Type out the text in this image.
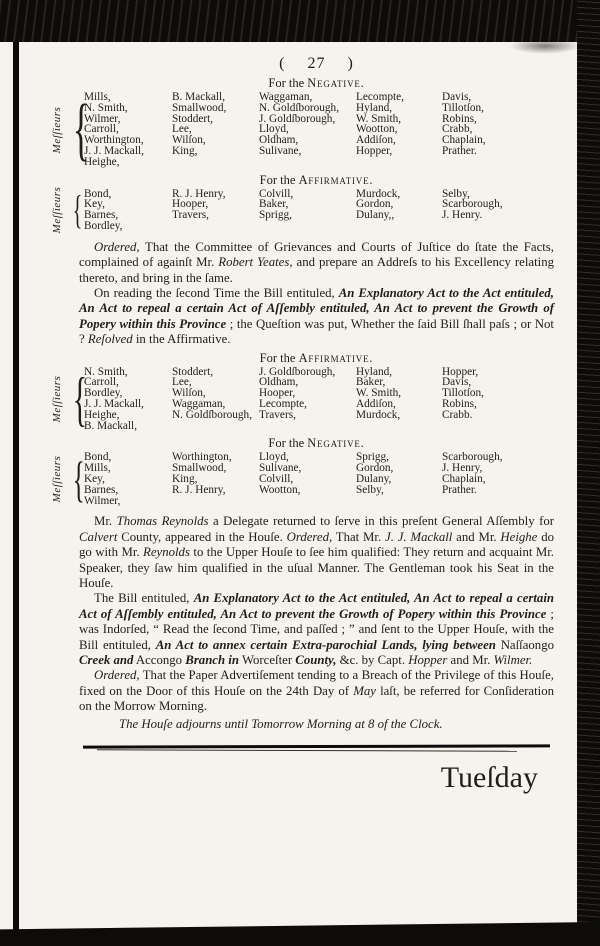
( 27 )
For the Negative.
Meſſieurs {
Mills,
N. Smith,
Wilmer,
Carroll,
Worthington,
J. J. Mackall,
Heighe,
B. Mackall,
Smallwood,
Stoddert,
Lee,
Wilſon,
King,
Waggaman,
N. Goldſborough,
J. Goldſborough,
Lloyd,
Oldham,
Sulivane,
Lecompte,
Hyland,
W. Smith,
Wootton,
Addiſon,
Hopper,
Davis,
Tillotſon,
Robins,
Crabb,
Chaplain,
Prather.
For the Affirmative.
Meſſieurs { Bond,
Key,
Barnes,
Bordley,
R. J. Henry,
Hooper,
Travers,
Colvill,
Baker,
Sprigg,
Murdock,
Gordon,
Dulany,,
Selby,
Scarborough,
J. Henry.

Ordered, That the Committee of Grievances and Courts of Juſtice do ſtate the Facts, complained of againſt Mr. Robert Yeates, and prepare an Addreſs to his Excellency relating thereto, and bring in the ſame.

On reading the ſecond Time the Bill entituled, An Explanatory Act to the Act entituled, An Act to repeal a certain Act of Aſſembly entituled, An Act to prevent the Growth of Popery within this Province ; the Queſtion was put, Whether the ſaid Bill ſhall paſs ; or Not ? Reſolved in the Affirmative.

For the Affirmative.
Meſſieurs {
N. Smith,
Carroll,
Bordley,
J. J. Mackall,
Heighe,
B. Mackall,
Stoddert,
Lee,
Wilſon,
Waggaman,
N. Goldſborough,
J. Goldſborough,
Oldham,
Hooper,
Lecompte,
Travers,
Hyland,
Baker,
W. Smith,
Addiſon,
Murdock,
Hopper,
Davis,
Tillotſon,
Robins,
Crabb.
For the Negative.
Meſſieurs { Bond,
Mills,
Key,
Barnes,
Wilmer,
Worthington,
Smallwood,
King,
R. J. Henry,
Lloyd,
Sulivane,
Colvill,
Wootton,
Sprigg,
Gordon,
Dulany,
Selby,
Scarborough,
J. Henry,
Chaplain,
Prather.

Mr. Thomas Reynolds a Delegate returned to ſerve in this preſent General Aſſembly for Calvert County, appeared in the Houſe. Ordered, That Mr. J. J. Mackall and Mr. Heighe do go with Mr. Reynolds to the Upper Houſe to ſee him qualified: They return and acquaint Mr. Speaker, they ſaw him qualified in the uſual Manner. The Gentleman took his Seat in the Houſe.

The Bill entituled, An Explanatory Act to the Act entituled, An Act to repeal a certain Act of Aſſembly entituled, An Act to prevent the Growth of Popery within this Province ; was Indorſed, “ Read the ſecond Time, and paſſed ; ” and ſent to the Upper Houſe, with the Bill entituled, An Act to annex certain Extra-parochial Lands, lying between Naſſaongo Creek and Accongo Branch in Worceſter County, &c. by Capt. Hopper and Mr. Wilmer.

Ordered, That the Paper Advertiſement tending to a Breach of the Privilege of this Houſe, fixed on the Door of this Houſe on the 24th Day of May laſt, be referred for Conſideration on the Morrow Morning.

The Houſe adjourns until Tomorrow Morning at 8 of the Clock.

Tueſday
